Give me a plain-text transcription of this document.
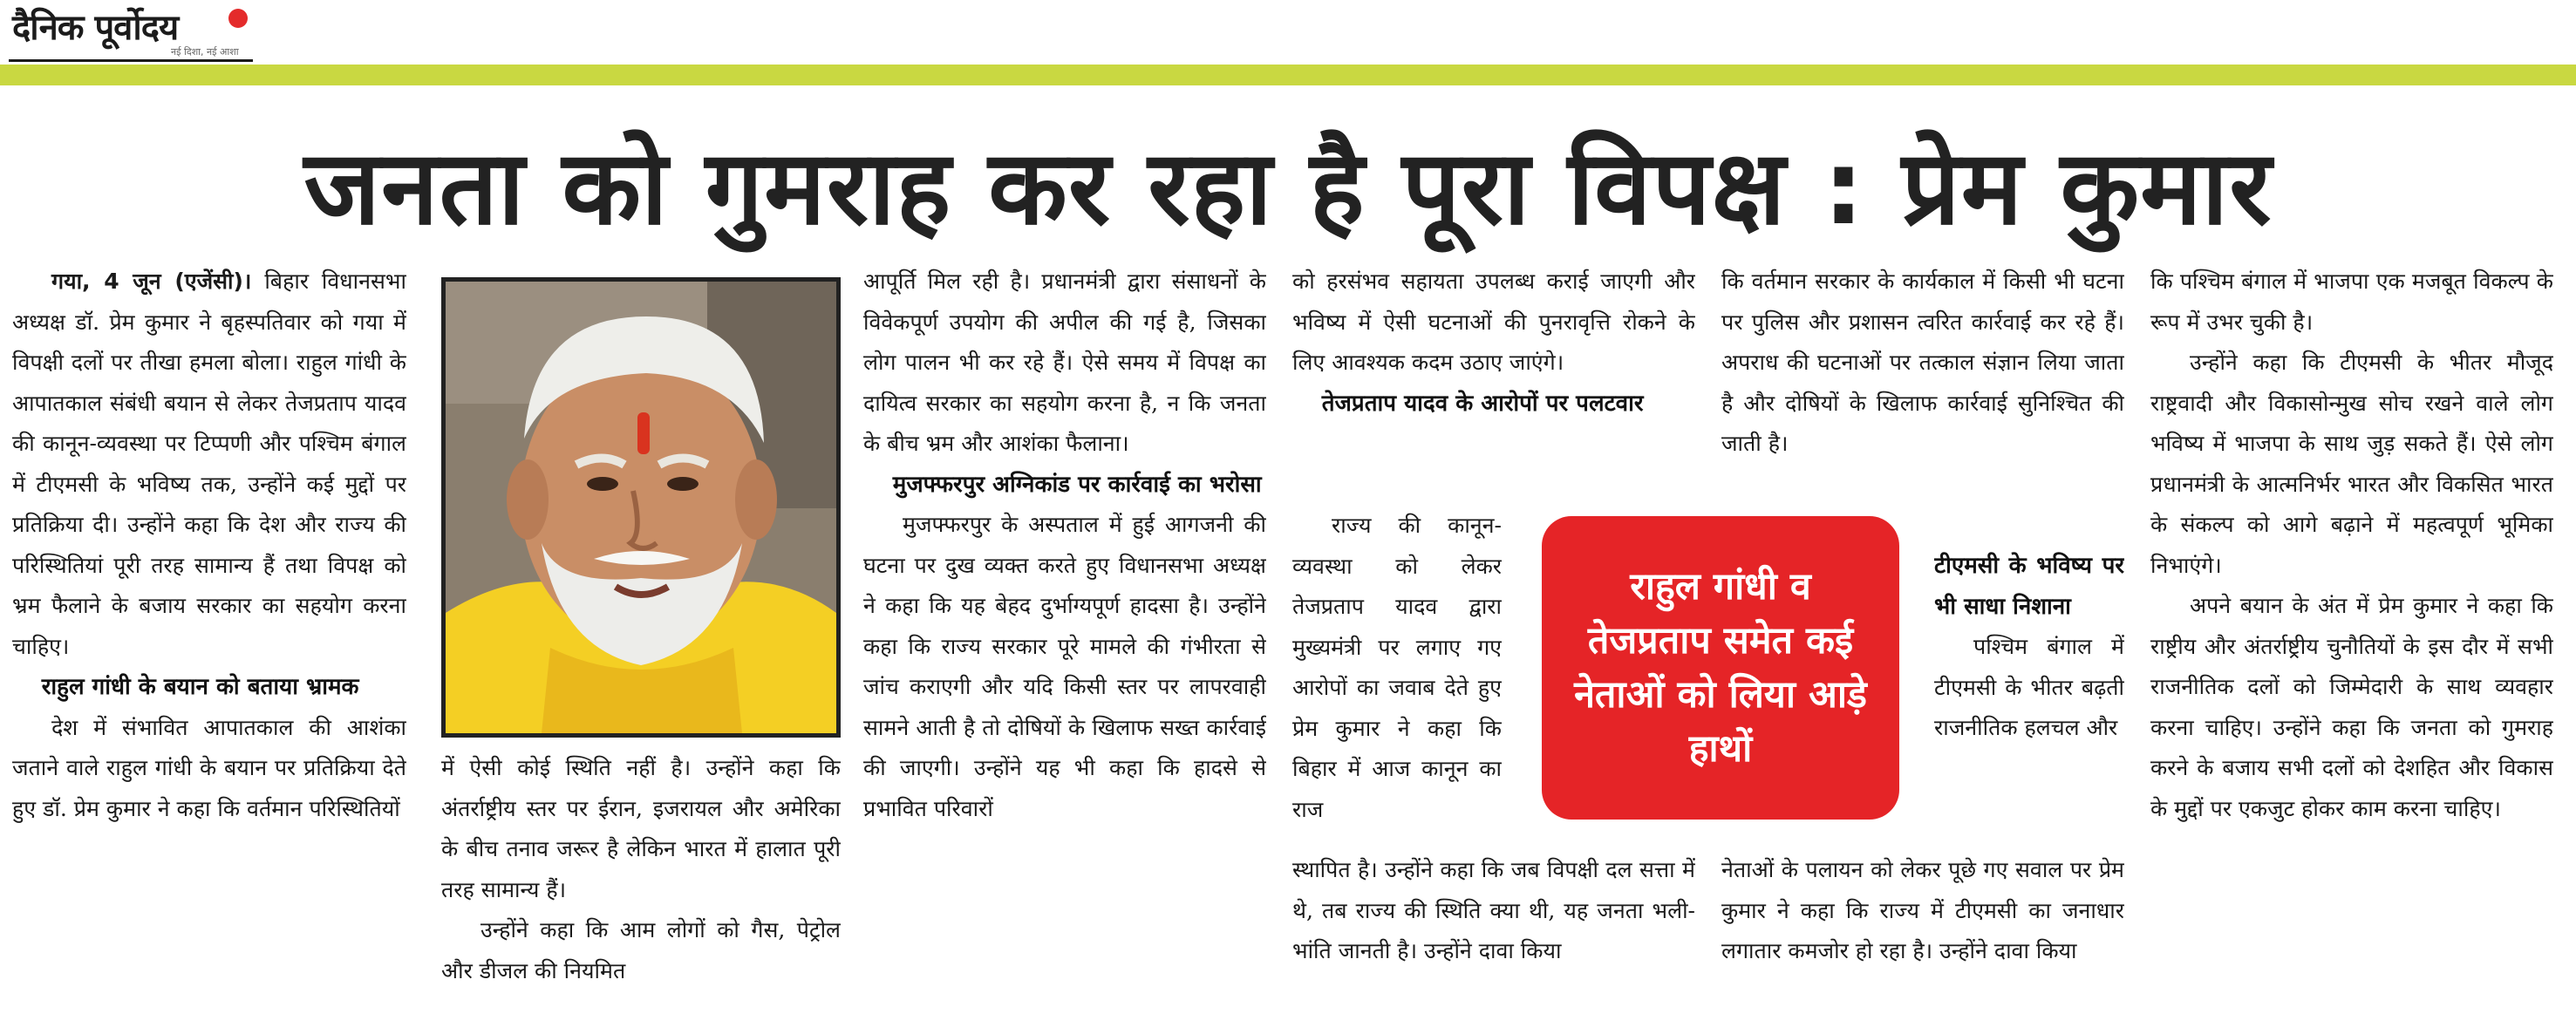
दैनिक पूर्वोदय
नई दिशा, नई आशा
जनता को गुमराह कर रहा है पूरा विपक्ष : प्रेम कुमार

गया, 4 जून (एजेंसी)। बिहार विधानसभा अध्यक्ष डॉ. प्रेम कुमार ने बृहस्पतिवार को गया में विपक्षी दलों पर तीखा हमला बोला। राहुल गांधी के आपातकाल संबंधी बयान से लेकर तेजप्रताप यादव की कानून-व्यवस्था पर टिप्पणी और पश्चिम बंगाल में टीएमसी के भविष्य तक, उन्होंने कई मुद्दों पर प्रतिक्रिया दी। उन्होंने कहा कि देश और राज्य की परिस्थितियां पूरी तरह सामान्य हैं तथा विपक्ष को भ्रम फैलाने के बजाय सरकार का सहयोग करना चाहिए।

राहुल गांधी के बयान को बताया भ्रामक

देश में संभावित आपातकाल की आशंका जताने वाले राहुल गांधी के बयान पर प्रतिक्रिया देते हुए डॉ. प्रेम कुमार ने कहा कि वर्तमान परिस्थितियों

में ऐसी कोई स्थिति नहीं है। उन्होंने कहा कि अंतर्राष्ट्रीय स्तर पर ईरान, इजरायल और अमेरिका के बीच तनाव जरूर है लेकिन भारत में हालात पूरी तरह सामान्य हैं।

उन्होंने कहा कि आम लोगों को गैस, पेट्रोल और डीजल की नियमित

आपूर्ति मिल रही है। प्रधानमंत्री द्वारा संसाधनों के विवेकपूर्ण उपयोग की अपील की गई है, जिसका लोग पालन भी कर रहे हैं। ऐसे समय में विपक्ष का दायित्व सरकार का सहयोग करना है, न कि जनता के बीच भ्रम और आशंका फैलाना।

मुजफ्फरपुर अग्निकांड पर कार्रवाई का भरोसा

मुजफ्फरपुर के अस्पताल में हुई आगजनी की घटना पर दुख व्यक्त करते हुए विधानसभा अध्यक्ष ने कहा कि यह बेहद दुर्भाग्यपूर्ण हादसा है। उन्होंने कहा कि राज्य सरकार पूरे मामले की गंभीरता से जांच कराएगी और यदि किसी स्तर पर लापरवाही सामने आती है तो दोषियों के खिलाफ सख्त कार्रवाई की जाएगी। उन्होंने यह भी कहा कि हादसे से प्रभावित परिवारों

को हरसंभव सहायता उपलब्ध कराई जाएगी और भविष्य में ऐसी घटनाओं की पुनरावृत्ति रोकने के लिए आवश्यक कदम उठाए जाएंगे।

तेजप्रताप यादव के आरोपों पर पलटवार

राज्य की कानून-व्यवस्था को लेकर तेजप्रताप यादव द्वारा मुख्यमंत्री पर लगाए गए आरोपों का जवाब देते हुए प्रेम कुमार ने कहा कि बिहार में आज कानून का राज

स्थापित है। उन्होंने कहा कि जब विपक्षी दल सत्ता में थे, तब राज्य की स्थिति क्या थी, यह जनता भली-भांति जानती है। उन्होंने दावा किया

कि वर्तमान सरकार के कार्यकाल में किसी भी घटना पर पुलिस और प्रशासन त्वरित कार्रवाई कर रहे हैं। अपराध की घटनाओं पर तत्काल संज्ञान लिया जाता है और दोषियों के खिलाफ कार्रवाई सुनिश्चित की जाती है।

टीएमसी के भविष्य पर भी साधा निशाना

पश्चिम बंगाल में टीएमसी के भीतर बढ़ती राजनीतिक हलचल और

नेताओं के पलायन को लेकर पूछे गए सवाल पर प्रेम कुमार ने कहा कि राज्य में टीएमसी का जनाधार लगातार कमजोर हो रहा है। उन्होंने दावा किया

कि पश्चिम बंगाल में भाजपा एक मजबूत विकल्प के रूप में उभर चुकी है।

उन्होंने कहा कि टीएमसी के भीतर मौजूद राष्ट्रवादी और विकासोन्मुख सोच रखने वाले लोग भविष्य में भाजपा के साथ जुड़ सकते हैं। ऐसे लोग प्रधानमंत्री के आत्मनिर्भर भारत और विकसित भारत के संकल्प को आगे बढ़ाने में महत्वपूर्ण भूमिका निभाएंगे।

अपने बयान के अंत में प्रेम कुमार ने कहा कि राष्ट्रीय और अंतर्राष्ट्रीय चुनौतियों के इस दौर में सभी राजनीतिक दलों को जिम्मेदारी के साथ व्यवहार करना चाहिए। उन्होंने कहा कि जनता को गुमराह करने के बजाय सभी दलों को देशहित और विकास के मुद्दों पर एकजुट होकर काम करना चाहिए।

राहुल गांधी व तेजप्रताप समेत कई नेताओं को लिया आड़े हाथों
